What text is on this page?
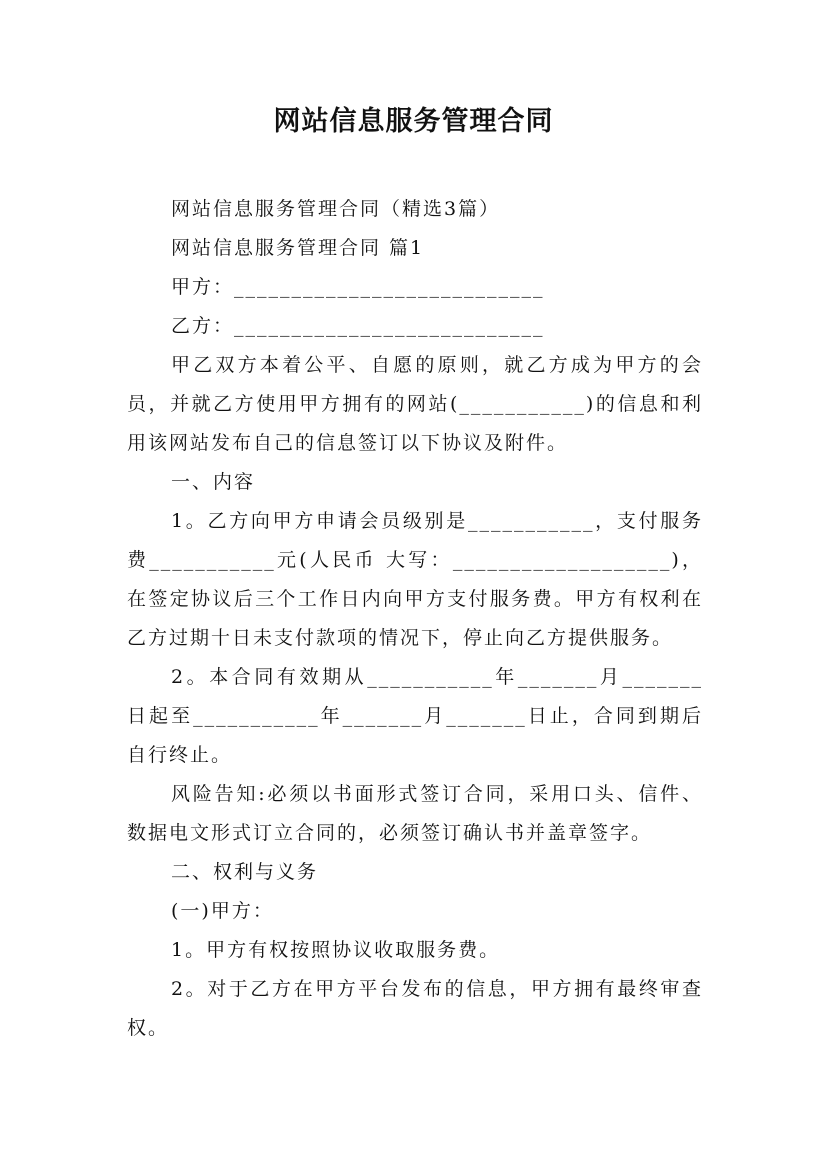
网站信息服务管理合同

网站信息服务管理合同（精选3篇）

网站信息服务管理合同 篇1

甲方：___________________________

乙方：___________________________

甲乙双方本着公平、自愿的原则，就乙方成为甲方的会员，并就乙方使用甲方拥有的网站(___________)的信息和利用该网站发布自己的信息签订以下协议及附件。

一、内容

1。乙方向甲方申请会员级别是___________，支付服务费___________元(人民币 大写：___________________)，在签定协议后三个工作日内向甲方支付服务费。甲方有权利在乙方过期十日未支付款项的情况下，停止向乙方提供服务。

2。本合同有效期从___________年_______月_______日起至___________年_______月_______日止，合同到期后自行终止。

风险告知:必须以书面形式签订合同，采用口头、信件、数据电文形式订立合同的，必须签订确认书并盖章签字。

二、权利与义务

(一)甲方：

1。甲方有权按照协议收取服务费。

2。对于乙方在甲方平台发布的信息，甲方拥有最终审查权。
